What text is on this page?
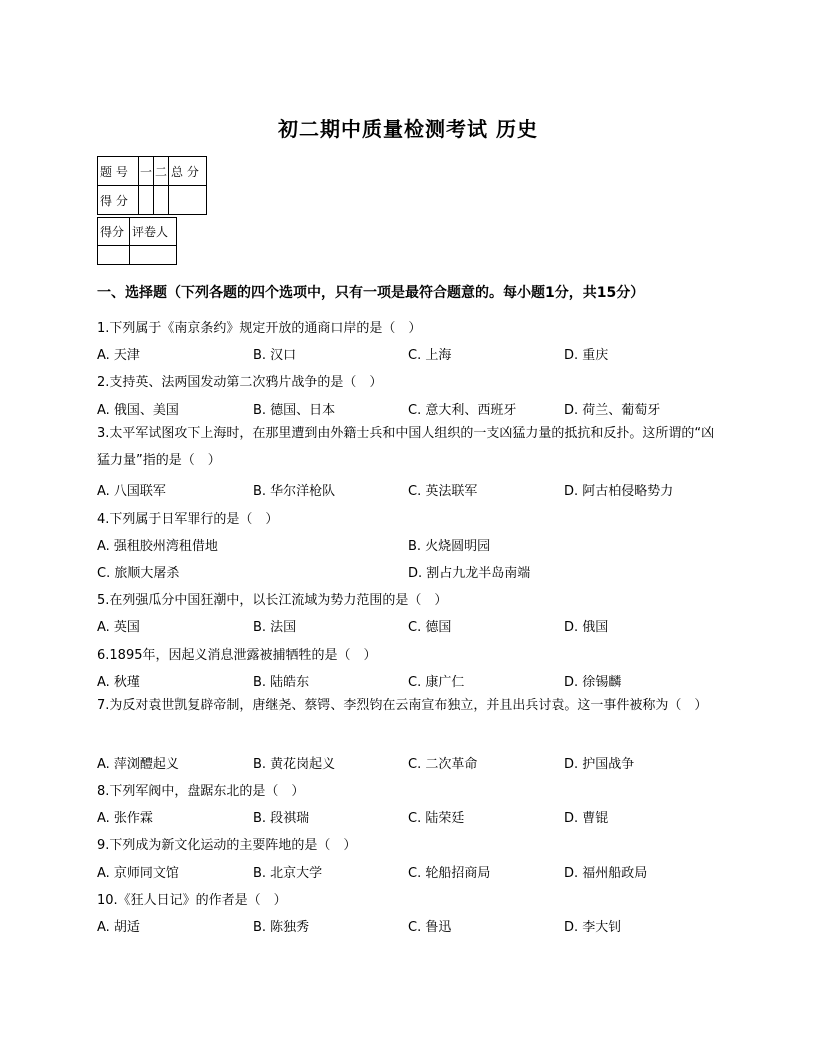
初二期中质量检测考试 历史
题 号	一	二	总 分
得 分			
得分	评卷人

一、选择题（下列各题的四个选项中，只有一项是最符合题意的。每小题1分，共15分）
1.下列属于《南京条约》规定开放的通商口岸的是（　）
A. 天津	B. 汉口	C. 上海	D. 重庆
2.支持英、法两国发动第二次鸦片战争的是（　）
A. 俄国、美国	B. 德国、日本	C. 意大利、西班牙	D. 荷兰、葡萄牙
3.太平军试图攻下上海时，在那里遭到由外籍士兵和中国人组织的一支凶猛力量的抵抗和反扑。这所谓的“凶猛力量”指的是（　）
A. 八国联军	B. 华尔洋枪队	C. 英法联军	D. 阿古柏侵略势力
4.下列属于日军罪行的是（　）
A. 强租胶州湾租借地	B. 火烧圆明园
C. 旅顺大屠杀	D. 割占九龙半岛南端
5.在列强瓜分中国狂潮中，以长江流域为势力范围的是（　）
A. 英国	B. 法国	C. 德国	D. 俄国
6.1895年，因起义消息泄露被捕牺牲的是（　）
A. 秋瑾	B. 陆皓东	C. 康广仁	D. 徐锡麟
7.为反对袁世凯复辟帝制，唐继尧、蔡锷、李烈钧在云南宣布独立，并且出兵讨袁。这一事件被称为（　）
A. 萍浏醴起义	B. 黄花岗起义	C. 二次革命	D. 护国战争
8.下列军阀中，盘踞东北的是（　）
A. 张作霖	B. 段祺瑞	C. 陆荣廷	D. 曹锟
9.下列成为新文化运动的主要阵地的是（　）
A. 京师同文馆	B. 北京大学	C. 轮船招商局	D. 福州船政局
10.《狂人日记》的作者是（　）
A. 胡适	B. 陈独秀	C. 鲁迅	D. 李大钊
